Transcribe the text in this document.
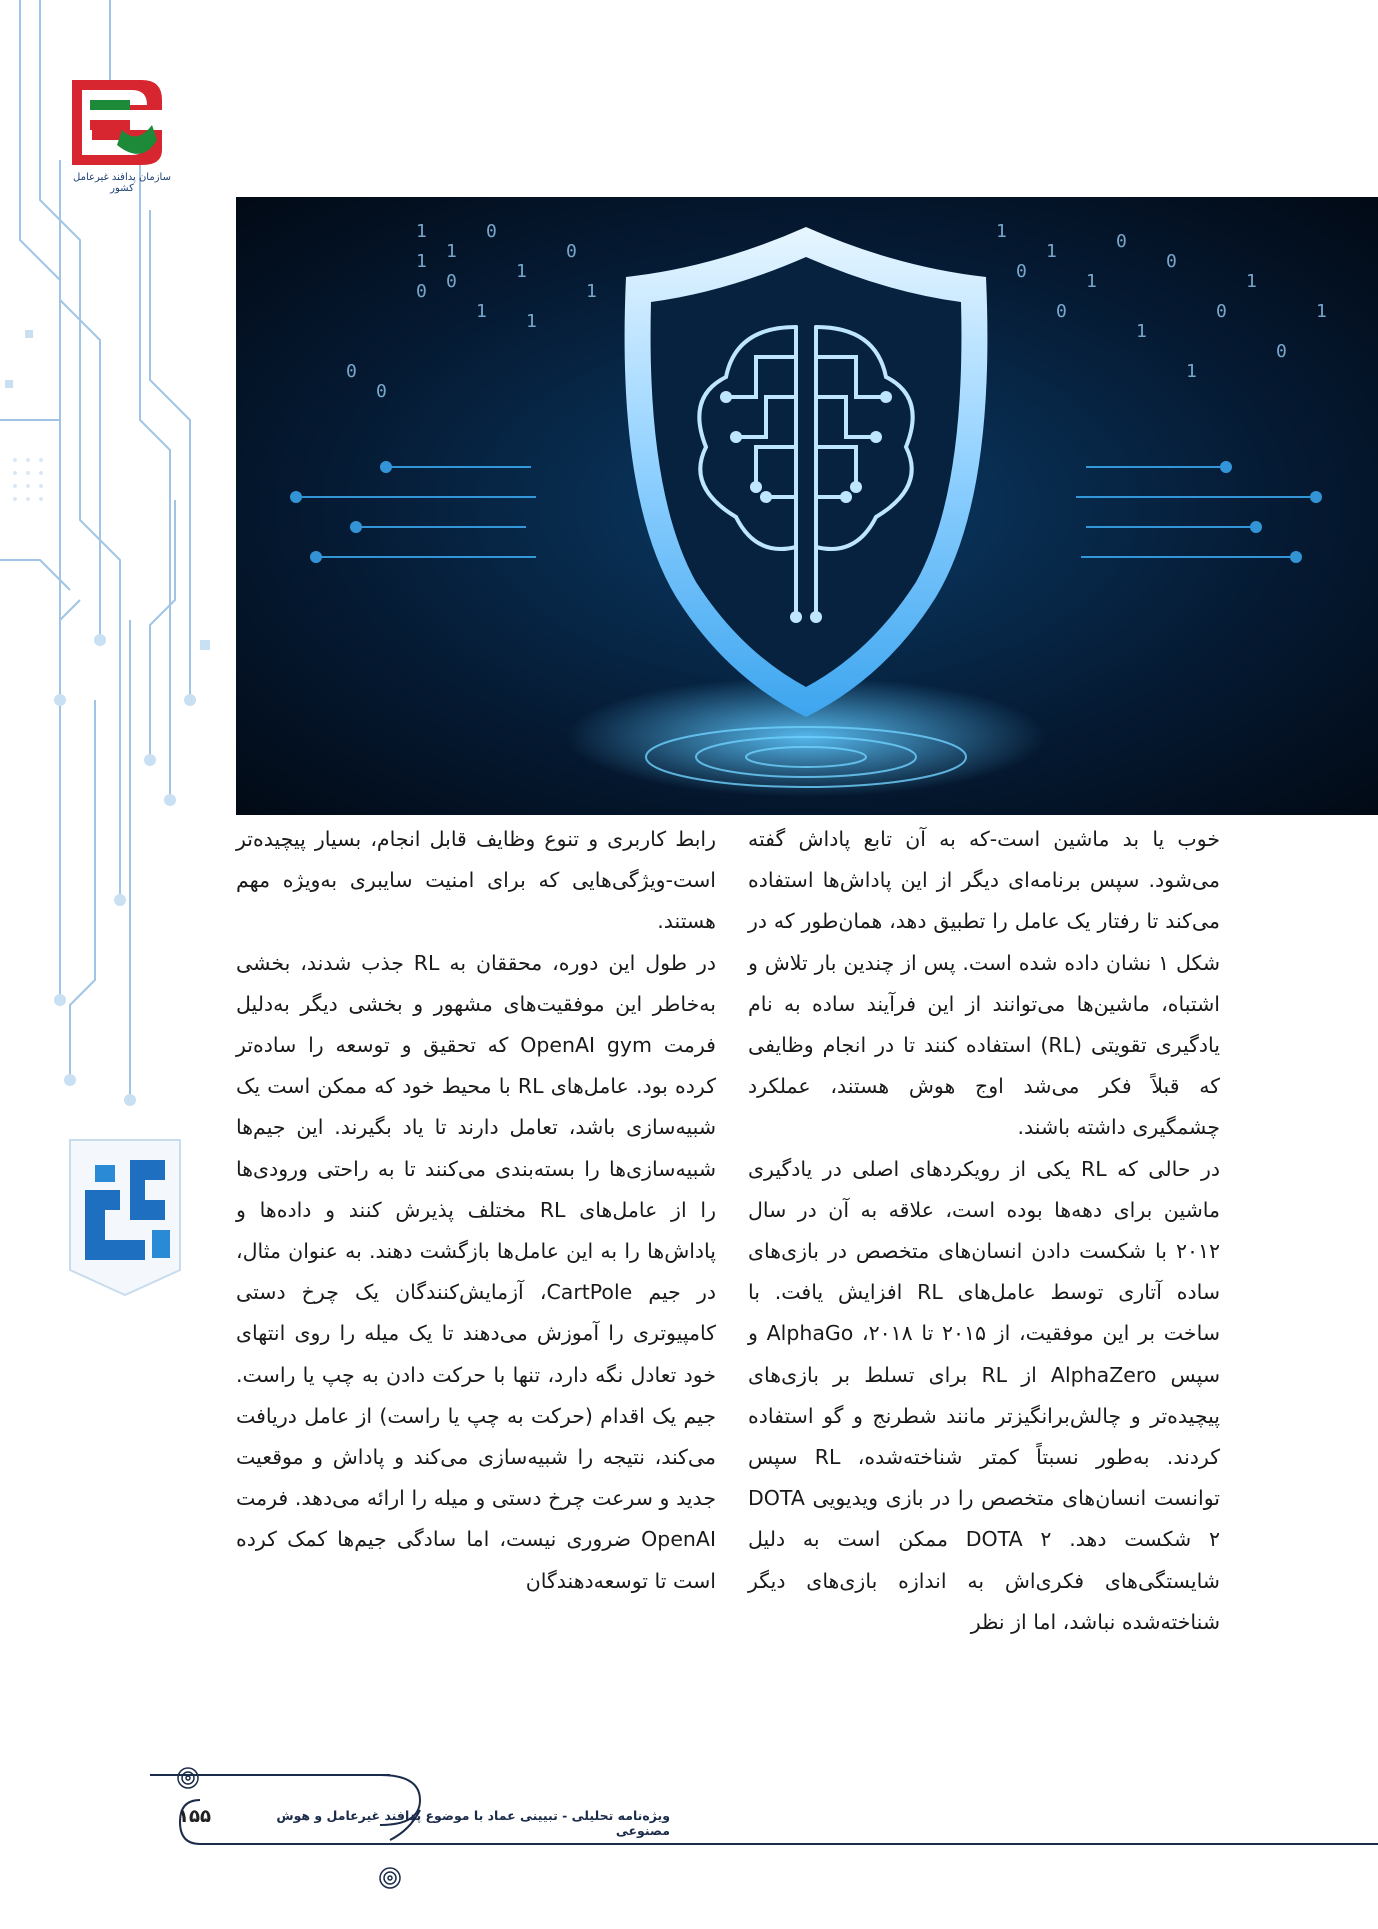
سازمان پدافند غیرعامل کشور
1
1
0
1
0
1
0
1
1
0
1
0
0
1
0
1
0
1
0
1
0
1
0
1
0
1

خوب یا بد ماشین است-که به آن تابع پاداش گفته می‌شود. سپس برنامه‌ای دیگر از این پاداش‌ها استفاده می‌کند تا رفتار یک عامل را تطبیق دهد، همان‌طور که در شکل ۱ نشان داده شده است. پس از چندین بار تلاش و اشتباه، ماشین‌ها می‌توانند از این فرآیند ساده به نام یادگیری تقویتی (RL) استفاده کنند تا در انجام وظایفی که قبلاً فکر می‌شد اوج هوش هستند، عملکرد چشمگیری داشته باشند.

در حالی که RL یکی از رویکردهای اصلی در یادگیری ماشین برای دهه‌ها بوده است، علاقه به آن در سال ۲۰۱۲ با شکست دادن انسان‌های متخصص در بازی‌های ساده آتاری توسط عامل‌های RL افزایش یافت. با ساخت بر این موفقیت، از ۲۰۱۵ تا ۲۰۱۸، AlphaGo و سپس AlphaZero از RL برای تسلط بر بازی‌های پیچیده‌تر و چالش‌برانگیزتر مانند شطرنج و گو استفاده کردند. به‌طور نسبتاً کمتر شناخته‌شده، RL سپس توانست انسان‌های متخصص را در بازی ویدیویی DOTA ۲ شکست دهد. DOTA ۲ ممکن است به دلیل شایستگی‌های فکری‌اش به اندازه بازی‌های دیگر شناخته‌شده نباشد، اما از نظر

رابط کاربری و تنوع وظایف قابل انجام، بسیار پیچیده‌تر است-ویژگی‌هایی که برای امنیت سایبری به‌ویژه مهم هستند.

در طول این دوره، محققان به RL جذب شدند، بخشی به‌خاطر این موفقیت‌های مشهور و بخشی دیگر به‌دلیل فرمت OpenAI gym که تحقیق و توسعه را ساده‌تر کرده بود. عامل‌های RL با محیط خود که ممکن است یک شبیه‌سازی باشد، تعامل دارند تا یاد بگیرند. این جیم‌ها شبیه‌سازی‌ها را بسته‌بندی می‌کنند تا به راحتی ورودی‌ها را از عامل‌های RL مختلف پذیرش کنند و داده‌ها و پاداش‌ها را به این عامل‌ها بازگشت دهند. به عنوان مثال، در جیم CartPole، آزمایش‌کنندگان یک چرخ دستی کامپیوتری را آموزش می‌دهند تا یک میله را روی انتهای خود تعادل نگه دارد، تنها با حرکت دادن به چپ یا راست. جیم یک اقدام (حرکت به چپ یا راست) از عامل دریافت می‌کند، نتیجه را شبیه‌سازی می‌کند و پاداش و موقعیت جدید و سرعت چرخ دستی و میله را ارائه می‌دهد. فرمت OpenAI ضروری نیست، اما سادگی جیم‌ها کمک کرده است تا توسعه‌دهندگان

۱۵۵	ویژه‌نامه تحلیلی - تبیینی عماد با موضوع پدافند غیرعامل و هوش مصنوعی
